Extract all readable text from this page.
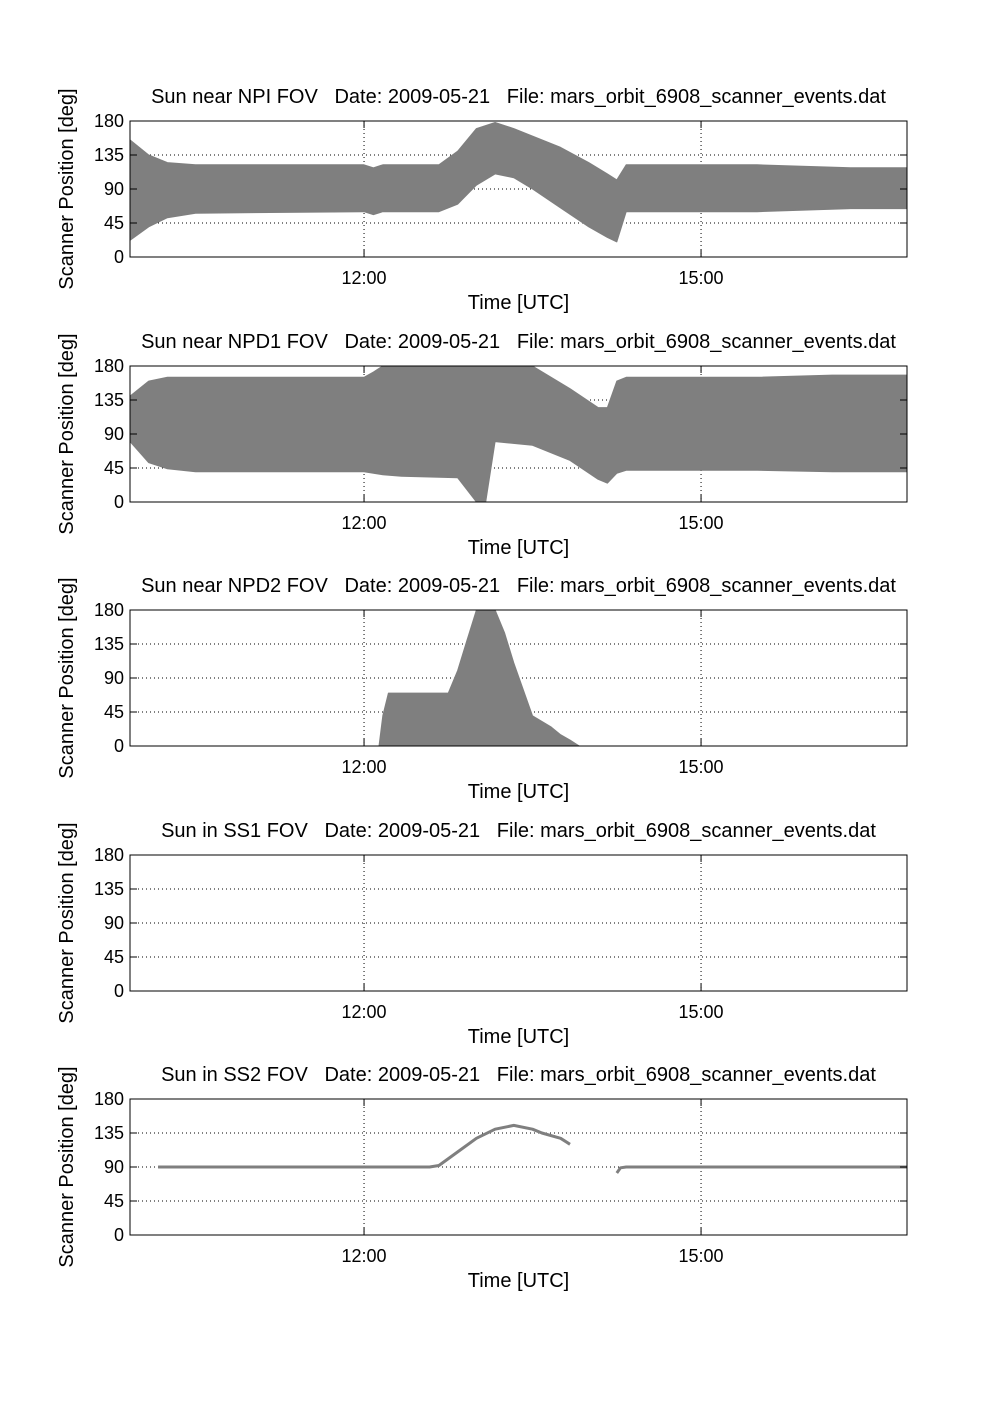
0
45
90
135
180
12:00	15:00
Sun near NPI FOV   Date: 2009-05-21   File: mars_orbit_6908_scanner_events.dat
Time [UTC]
Scanner Position [deg]
0
45
90
135
180
12:00	15:00
Sun near NPD1 FOV   Date: 2009-05-21   File: mars_orbit_6908_scanner_events.dat
Time [UTC]
Scanner Position [deg]
0
45
90
135
180
12:00	15:00
Sun near NPD2 FOV   Date: 2009-05-21   File: mars_orbit_6908_scanner_events.dat
Time [UTC]
Scanner Position [deg]
0
45
90
135
180
12:00	15:00
Sun in SS1 FOV   Date: 2009-05-21   File: mars_orbit_6908_scanner_events.dat
Time [UTC]
Scanner Position [deg]
0
45
90
135
180
12:00	15:00
Sun in SS2 FOV   Date: 2009-05-21   File: mars_orbit_6908_scanner_events.dat
Time [UTC]
Scanner Position [deg]
